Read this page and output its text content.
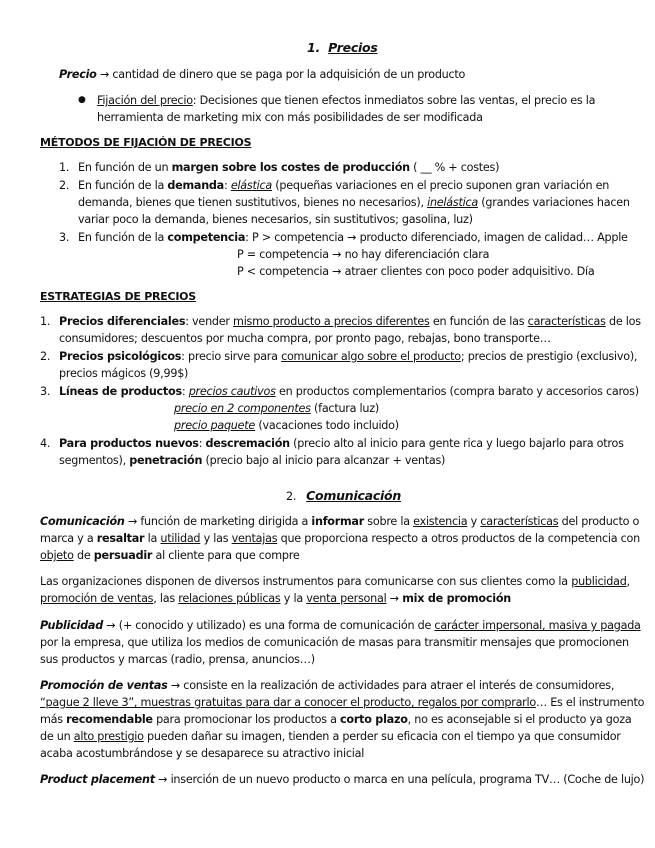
1. Precios
Precio → cantidad de dinero que se paga por la adquisición de un producto
● Fijación del precio: Decisiones que tienen efectos inmediatos sobre las ventas, el precio es la
herramienta de marketing mix con más posibilidades de ser modificada
MÉTODOS DE FIJACIÓN DE PRECIOS
1. En función de un margen sobre los costes de producción ( __ % + costes)
2. En función de la demanda: elástica (pequeñas variaciones en el precio suponen gran variación en
demanda, bienes que tienen sustitutivos, bienes no necesarios), inelástica (grandes variaciones hacen
variar poco la demanda, bienes necesarios, sin sustitutivos; gasolina, luz)
3. En función de la competencia: P > competencia → producto diferenciado, imagen de calidad… Apple
P = competencia → no hay diferenciación clara
P < competencia → atraer clientes con poco poder adquisitivo. Día
ESTRATEGIAS DE PRECIOS
1. Precios diferenciales: vender mismo producto a precios diferentes en función de las características de los
consumidores; descuentos por mucha compra, por pronto pago, rebajas, bono transporte…
2. Precios psicológicos: precio sirve para comunicar algo sobre el producto; precios de prestigio (exclusivo),
precios mágicos (9,99$)
3. Líneas de productos: precios cautivos en productos complementarios (compra barato y accesorios caros)
precio en 2 componentes (factura luz)
precio paquete (vacaciones todo incluido)
4. Para productos nuevos: descremación (precio alto al inicio para gente rica y luego bajarlo para otros
segmentos), penetración (precio bajo al inicio para alcanzar + ventas)
2. Comunicación
Comunicación → función de marketing dirigida a informar sobre la existencia y características del producto o
marca y a resaltar la utilidad y las ventajas que proporciona respecto a otros productos de la competencia con
objeto de persuadir al cliente para que compre
Las organizaciones disponen de diversos instrumentos para comunicarse con sus clientes como la publicidad,
promoción de ventas, las relaciones públicas y la venta personal → mix de promoción
Publicidad → (+ conocido y utilizado) es una forma de comunicación de carácter impersonal, masiva y pagada
por la empresa, que utiliza los medios de comunicación de masas para transmitir mensajes que promocionen
sus productos y marcas (radio, prensa, anuncios…)
Promoción de ventas → consiste en la realización de actividades para atraer el interés de consumidores,
“pague 2 lleve 3”, muestras gratuitas para dar a conocer el producto, regalos por comprarlo… Es el instrumento
más recomendable para promocionar los productos a corto plazo, no es aconsejable si el producto ya goza
de un alto prestigio pueden dañar su imagen, tienden a perder su eficacia con el tiempo ya que consumidor
acaba acostumbrándose y se desaparece su atractivo inicial
Product placement → inserción de un nuevo producto o marca en una película, programa TV… (Coche de lujo)
